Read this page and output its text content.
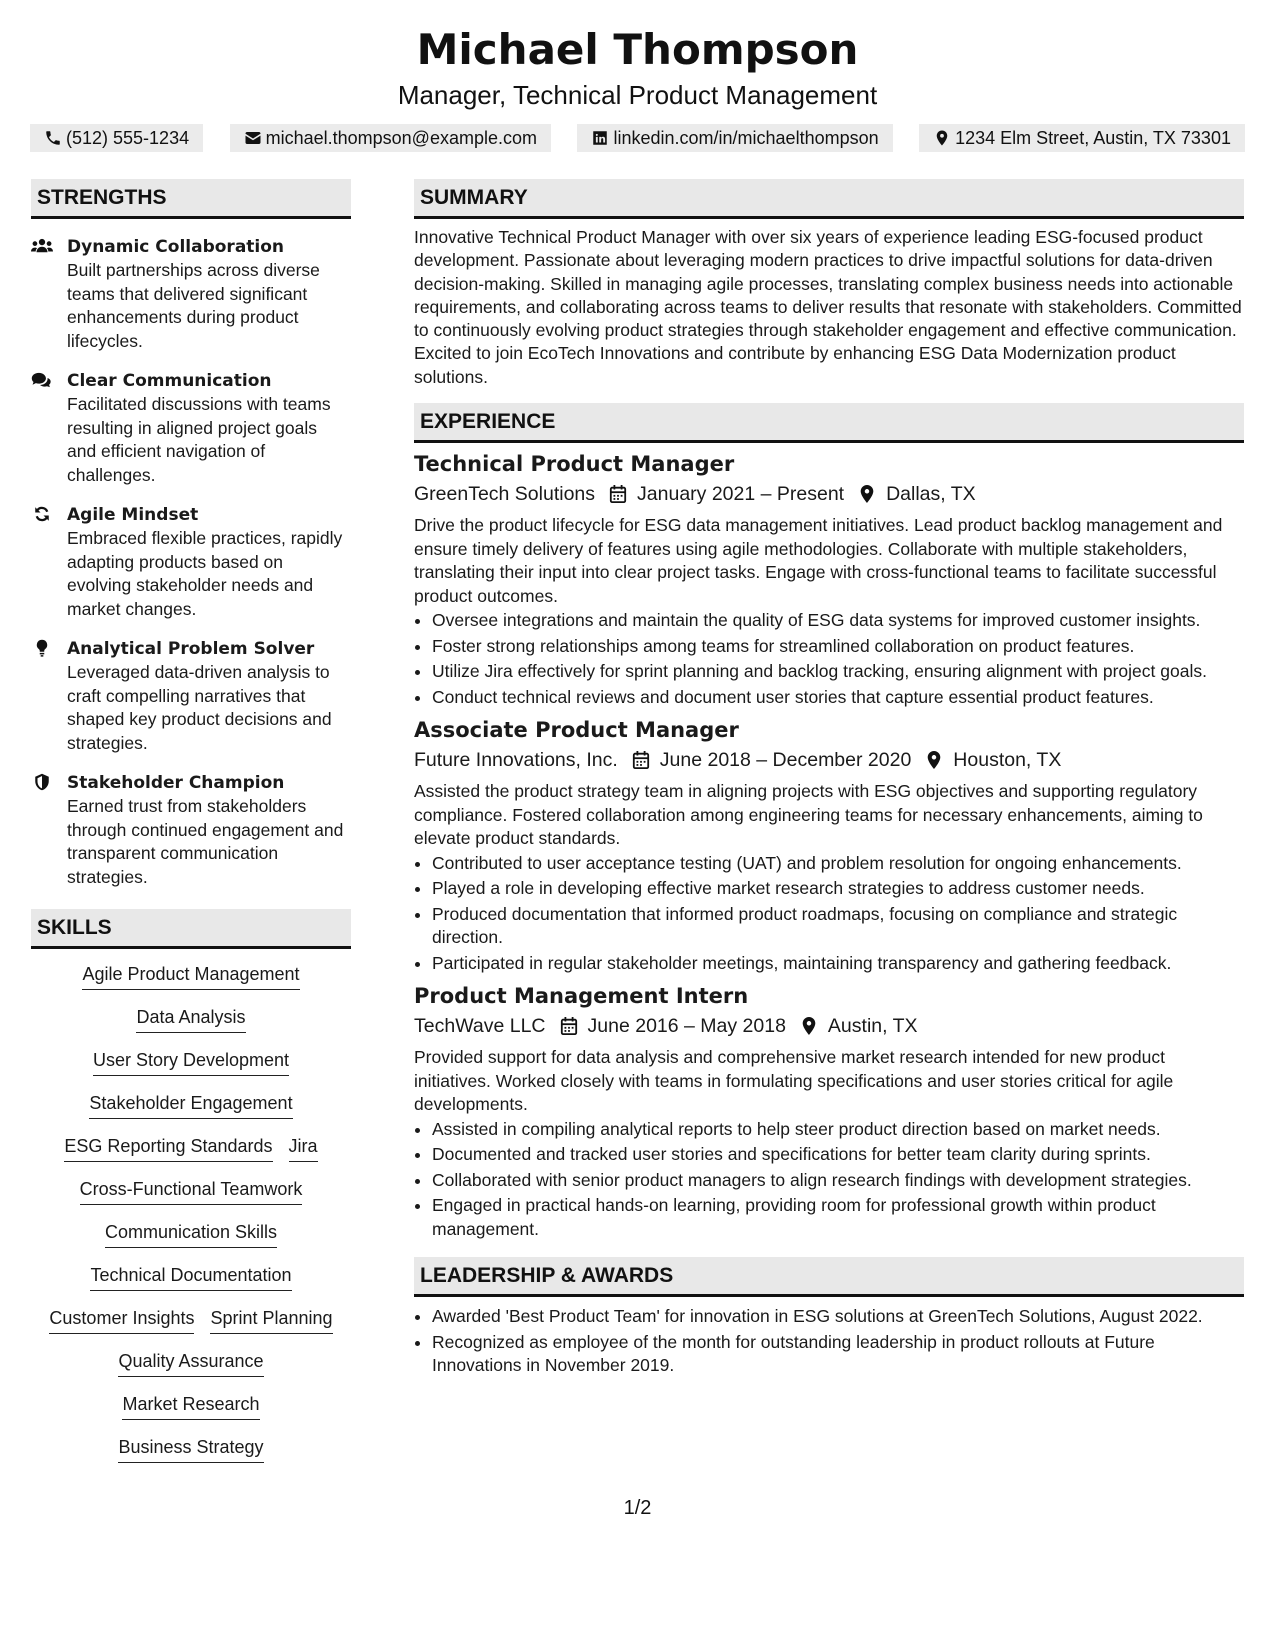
Michael Thompson
Manager, Technical Product Management
(512) 555-1234	michael.thompson@example.com	linkedin.com/in/michaelthompson	1234 Elm Street, Austin, TX 73301
STRENGTHS
Dynamic Collaboration
Built partnerships across diverse teams that delivered significant enhancements during product lifecycles.
Clear Communication
Facilitated discussions with teams resulting in aligned project goals and efficient navigation of challenges.
Agile Mindset
Embraced flexible practices, rapidly adapting products based on evolving stakeholder needs and market changes.
Analytical Problem Solver
Leveraged data-driven analysis to craft compelling narratives that shaped key product decisions and strategies.
Stakeholder Champion
Earned trust from stakeholders through continued engagement and transparent communication strategies.
SKILLS
Agile Product Management
Data Analysis
User Story Development
Stakeholder Engagement
ESG Reporting Standards Jira
Cross-Functional Teamwork
Communication Skills
Technical Documentation
Customer Insights Sprint Planning
Quality Assurance
Market Research
Business Strategy
SUMMARY
Innovative Technical Product Manager with over six years of experience leading ESG-focused product development. Passionate about leveraging modern practices to drive impactful solutions for data-driven decision-making. Skilled in managing agile processes, translating complex business needs into actionable requirements, and collaborating across teams to deliver results that resonate with stakeholders. Committed to continuously evolving product strategies through stakeholder engagement and effective communication. Excited to join EcoTech Innovations and contribute by enhancing ESG Data Modernization product solutions.
EXPERIENCE
Technical Product Manager
GreenTech Solutions January 2021 – Present Dallas, TX
Drive the product lifecycle for ESG data management initiatives. Lead product backlog management and ensure timely delivery of features using agile methodologies. Collaborate with multiple stakeholders, translating their input into clear project tasks. Engage with cross-functional teams to facilitate successful product outcomes.
• Oversee integrations and maintain the quality of ESG data systems for improved customer insights.
• Foster strong relationships among teams for streamlined collaboration on product features.
• Utilize Jira effectively for sprint planning and backlog tracking, ensuring alignment with project goals.
• Conduct technical reviews and document user stories that capture essential product features.
Associate Product Manager
Future Innovations, Inc. June 2018 – December 2020 Houston, TX
Assisted the product strategy team in aligning projects with ESG objectives and supporting regulatory compliance. Fostered collaboration among engineering teams for necessary enhancements, aiming to elevate product standards.
• Contributed to user acceptance testing (UAT) and problem resolution for ongoing enhancements.
• Played a role in developing effective market research strategies to address customer needs.
• Produced documentation that informed product roadmaps, focusing on compliance and strategic direction.
• Participated in regular stakeholder meetings, maintaining transparency and gathering feedback.
Product Management Intern
TechWave LLC June 2016 – May 2018 Austin, TX
Provided support for data analysis and comprehensive market research intended for new product initiatives. Worked closely with teams in formulating specifications and user stories critical for agile developments.
• Assisted in compiling analytical reports to help steer product direction based on market needs.
• Documented and tracked user stories and specifications for better team clarity during sprints.
• Collaborated with senior product managers to align research findings with development strategies.
• Engaged in practical hands-on learning, providing room for professional growth within product management.
LEADERSHIP & AWARDS
• Awarded 'Best Product Team' for innovation in ESG solutions at GreenTech Solutions, August 2022.
• Recognized as employee of the month for outstanding leadership in product rollouts at Future Innovations in November 2019.
1/2
